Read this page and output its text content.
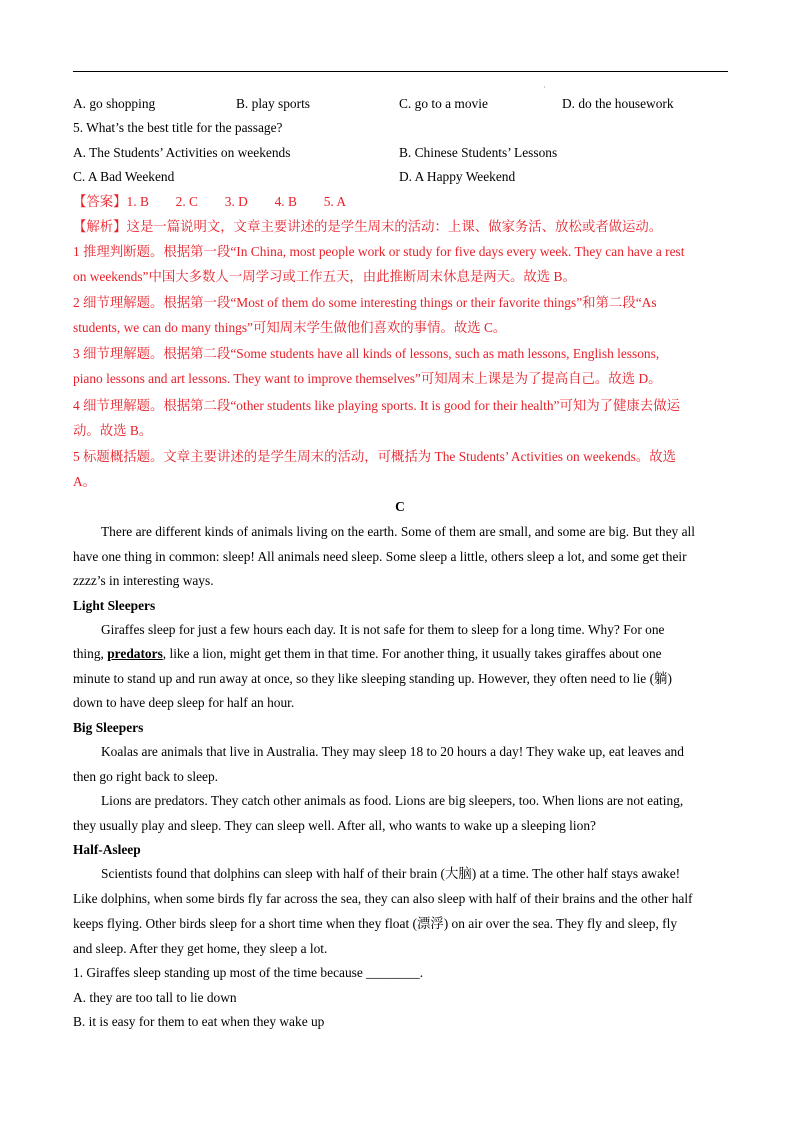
·
A. go shopping	B. play sports	C. go to a movie	D. do the housework
5. What’s the best title for the passage?
A. The Students’ Activities on weekends	B. Chinese Students’ Lessons
C. A Bad Weekend	D. A Happy Weekend
【答案】1. B　　2. C　　3. D　　4. B　　5. A
【解析】这是一篇说明文，文章主要讲述的是学生周末的活动：上课、做家务活、放松或者做运动。
1 推理判断题。根据第一段“In China, most people work or study for five days every week. They can have a rest
on weekends”中国大多数人一周学习或工作五天，由此推断周末休息是两天。故选 B。
2 细节理解题。根据第一段“Most of them do some interesting things or their favorite things”和第二段“As
students, we can do many things”可知周末学生做他们喜欢的事情。故选 C。
3 细节理解题。根据第二段“Some students have all kinds of lessons, such as math lessons, English lessons,
piano lessons and art lessons. They want to improve themselves”可知周末上课是为了提高自己。故选 D。
4 细节理解题。根据第二段“other students like playing sports. It is good for their health”可知为了健康去做运
动。故选 B。
5 标题概括题。文章主要讲述的是学生周末的活动，可概括为 The Students’ Activities on weekends。故选
A。
C
There are different kinds of animals living on the earth. Some of them are small, and some are big. But they all
have one thing in common: sleep! All animals need sleep. Some sleep a little, others sleep a lot, and some get their
zzzz’s in interesting ways.
Light Sleepers
Giraffes sleep for just a few hours each day. It is not safe for them to sleep for a long time. Why? For one
thing, predators, like a lion, might get them in that time. For another thing, it usually takes giraffes about one
minute to stand up and run away at once, so they like sleeping standing up. However, they often need to lie (躺)
down to have deep sleep for half an hour.
Big Sleepers
Koalas are animals that live in Australia. They may sleep 18 to 20 hours a day! They wake up, eat leaves and
then go right back to sleep.
Lions are predators. They catch other animals as food. Lions are big sleepers, too. When lions are not eating,
they usually play and sleep. They can sleep well. After all, who wants to wake up a sleeping lion?
Half-Asleep
Scientists found that dolphins can sleep with half of their brain (大脑) at a time. The other half stays awake!
Like dolphins, when some birds fly far across the sea, they can also sleep with half of their brains and the other half
keeps flying. Other birds sleep for a short time when they float (漂浮) on air over the sea. They fly and sleep, fly
and sleep. After they get home, they sleep a lot.
1. Giraffes sleep standing up most of the time because ________.
A. they are too tall to lie down
B. it is easy for them to eat when they wake up
